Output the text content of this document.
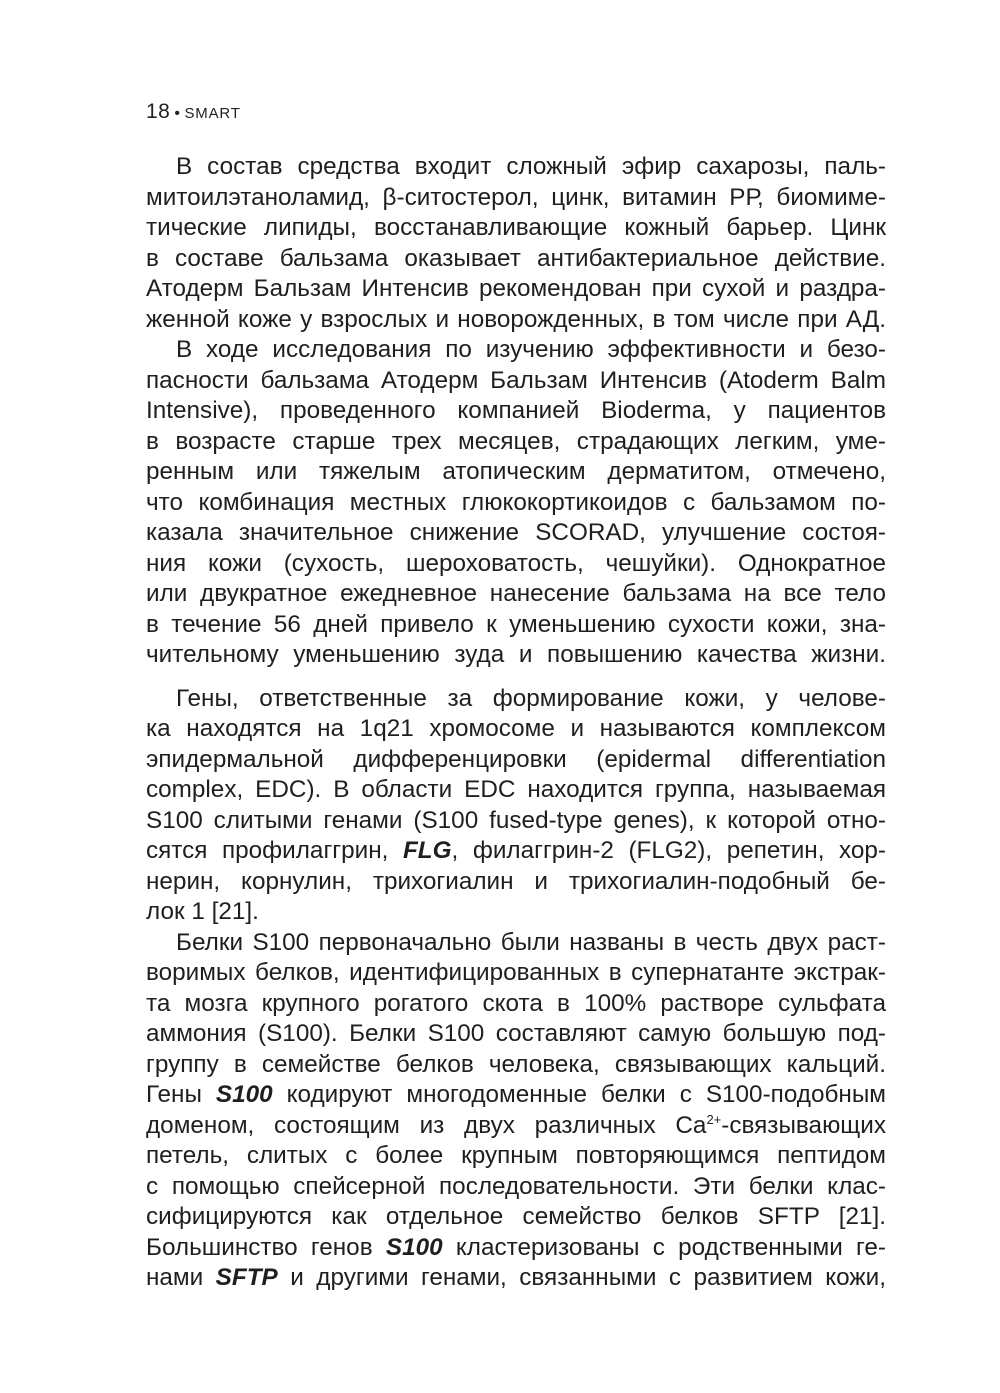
18 • SMART
В состав средства входит сложный эфир сахарозы, паль-
митоилэтаноламид, β-ситостерол, цинк, витамин РР, биомиме-
тические липиды, восстанавливающие кожный барьер. Цинк
в составе бальзама оказывает антибактериальное действие.
Атодерм Бальзам Интенсив рекомендован при сухой и раздра-
женной коже у взрослых и новорожденных, в том числе при АД.
В ходе исследования по изучению эффективности и безо-
пасности бальзама Атодерм Бальзам Интенсив (Atoderm Balm
Intensive), проведенного компанией Bioderma, у пациентов
в возрасте старше трех месяцев, страдающих легким, уме-
ренным или тяжелым атопическим дерматитом, отмечено,
что комбинация местных глюкокортикоидов с бальзамом по-
казала значительное снижение SCORAD, улучшение состоя-
ния кожи (сухость, шероховатость, чешуйки). Однократное
или двукратное ежедневное нанесение бальзама на все тело
в течение 56 дней привело к уменьшению сухости кожи, зна-
чительному уменьшению зуда и повышению качества жизни.
Гены, ответственные за формирование кожи, у челове-
ка находятся на 1q21 хромосоме и называются комплексом
эпидермальной дифференцировки (epidermal differentiation
complex, EDC). В области EDC находится группа, называемая
S100 слитыми генами (S100 fused-type genes), к которой отно-
сятся профилаггрин, FLG, филаггрин-2 (FLG2), репетин, хор-
нерин, корнулин, трихогиалин и трихогиалин-подобный бе-
лок 1 [21].
Белки S100 первоначально были названы в честь двух раст-
воримых белков, идентифицированных в супернатанте экстрак-
та мозга крупного рогатого скота в 100% растворе сульфата
аммония (S100). Белки S100 составляют самую большую под-
группу в семействе белков человека, связывающих кальций.
Гены S100 кодируют многодоменные белки с S100-подобным
доменом, состоящим из двух различных $Ca^{2+}$-связывающих
петель, слитых с более крупным повторяющимся пептидом
с помощью спейсерной последовательности. Эти белки клас-
сифицируются как отдельное семейство белков SFTP [21].
Большинство генов S100 кластеризованы с родственными ге-
нами SFTP и другими генами, связанными с развитием кожи,
